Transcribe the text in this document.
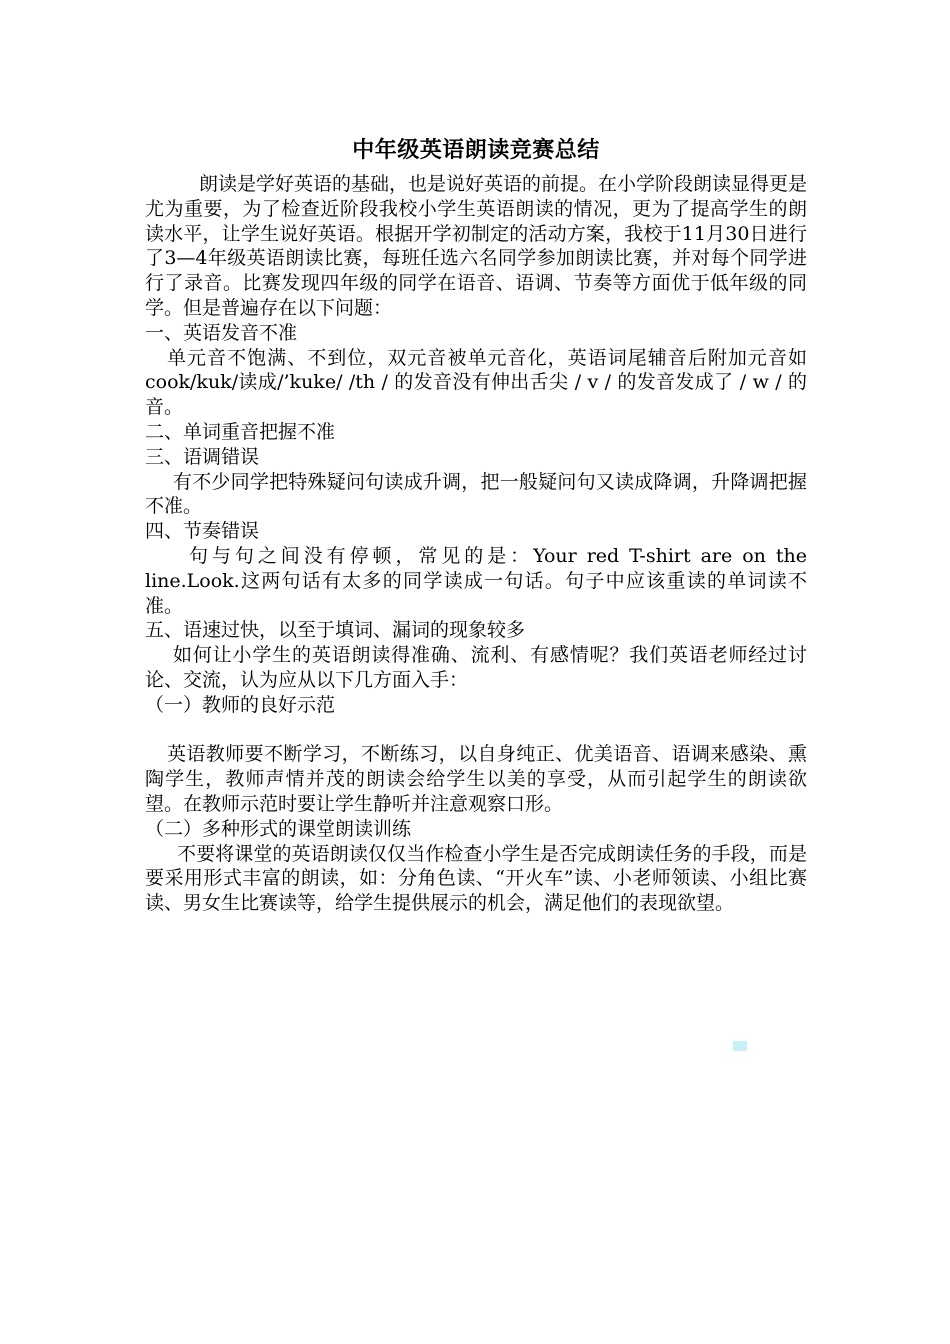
中年级英语朗读竞赛总结

朗读是学好英语的基础，也是说好英语的前提。在小学阶段朗读显得更是尤为重要，为了检查近阶段我校小学生英语朗读的情况，更为了提高学生的朗读水平，让学生说好英语。根据开学初制定的活动方案，我校于11月30日进行了3—4年级英语朗读比赛，每班任选六名同学参加朗读比赛，并对每个同学进行了录音。比赛发现四年级的同学在语音、语调、节奏等方面优于低年级的同学。但是普遍存在以下问题：

一、英语发音不准

单元音不饱满、不到位，双元音被单元音化，英语词尾辅音后附加元音如cook/kuk/读成/’kuke/ /th / 的发音没有伸出舌尖 / v / 的发音发成了 / w / 的音。

二、单词重音把握不准

三、语调错误

有不少同学把特殊疑问句读成升调，把一般疑问句又读成降调，升降调把握不准。

四、节奏错误

句与句之间没有停顿，常见的是：Your red T-shirt are on the line.Look.这两句话有太多的同学读成一句话。句子中应该重读的单词读不准。

五、语速过快，以至于填词、漏词的现象较多

如何让小学生的英语朗读得准确、流利、有感情呢？我们英语老师经过讨论、交流，认为应从以下几方面入手：

（一）教师的良好示范

英语教师要不断学习，不断练习，以自身纯正、优美语音、语调来感染、熏陶学生，教师声情并茂的朗读会给学生以美的享受，从而引起学生的朗读欲望。在教师示范时要让学生静听并注意观察口形。

（二）多种形式的课堂朗读训练

不要将课堂的英语朗读仅仅当作检查小学生是否完成朗读任务的手段，而是要采用形式丰富的朗读，如：分角色读、“开火车”读、小老师领读、小组比赛读、男女生比赛读等，给学生提供展示的机会，满足他们的表现欲望。
